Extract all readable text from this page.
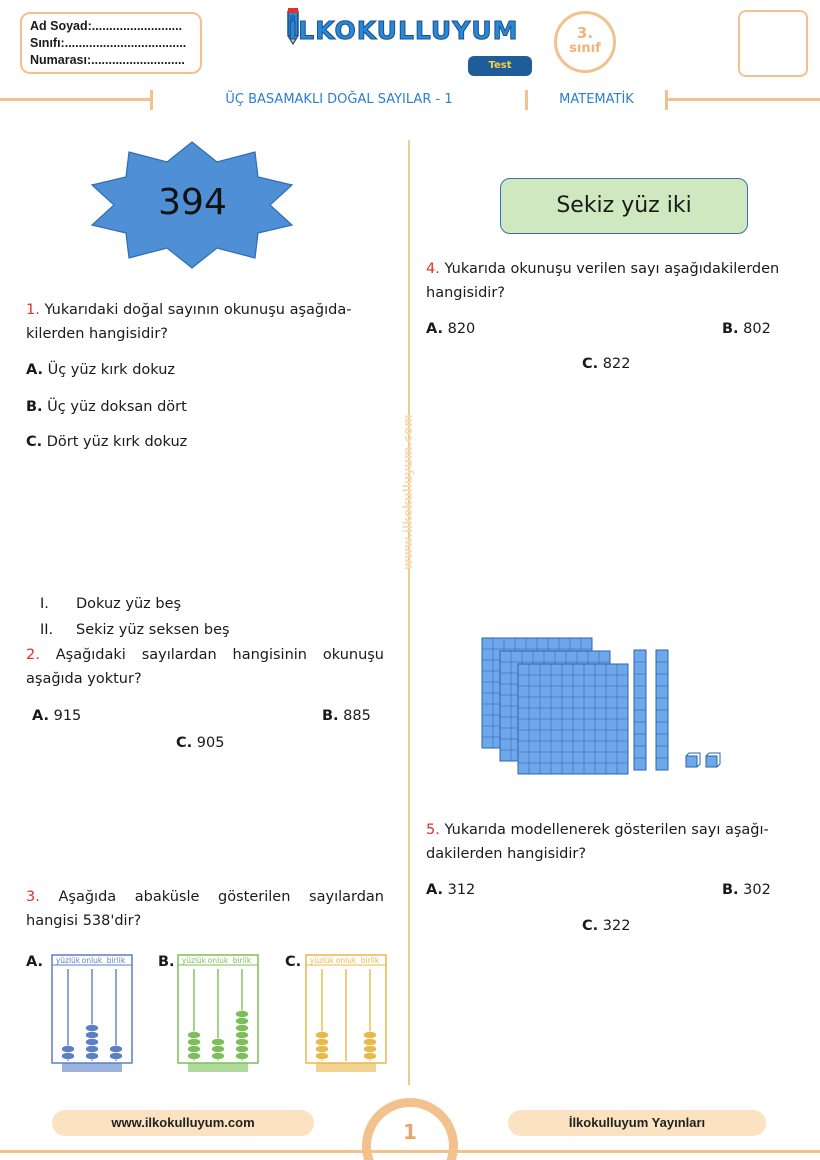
Ad Soyad:..........................
Sınıfı:...................................
Numarası:...........................
İLKOKULLUYUM
Test
3.
sınıf
ÜÇ BASAMAKLI DOĞAL SAYILAR - 1	MATEMATİK
www.ilkokulluyum.com
394
1. Yukarıdaki doğal sayının okunuşu aşağıda-kilerden hangisidir?
A. Üç yüz kırk dokuz
B. Üç yüz doksan dört
C. Dört yüz kırk dokuz
I. Dokuz yüz beş
II. Sekiz yüz seksen beş
2. Aşağıdaki sayılardan hangisinin okunuşu aşağıda yoktur?
A. 915	B. 885
C. 905
3. Aşağıda abaküsle gösterilen sayılardan hangisi 538'dir?
A.	B.	C.
yüzlük onluk birlik	yüzlük onluk birlik	yüzlük onluk birlik
Sekiz yüz iki
4. Yukarıda okunuşu verilen sayı aşağıdakilerden hangisidir?
A. 820	B. 802
C. 822
5. Yukarıda modellenerek gösterilen sayı aşağı-dakilerden hangisidir?
A. 312	B. 302
C. 322
1
www.ilkokulluyum.com	İlkokulluyum Yayınları
